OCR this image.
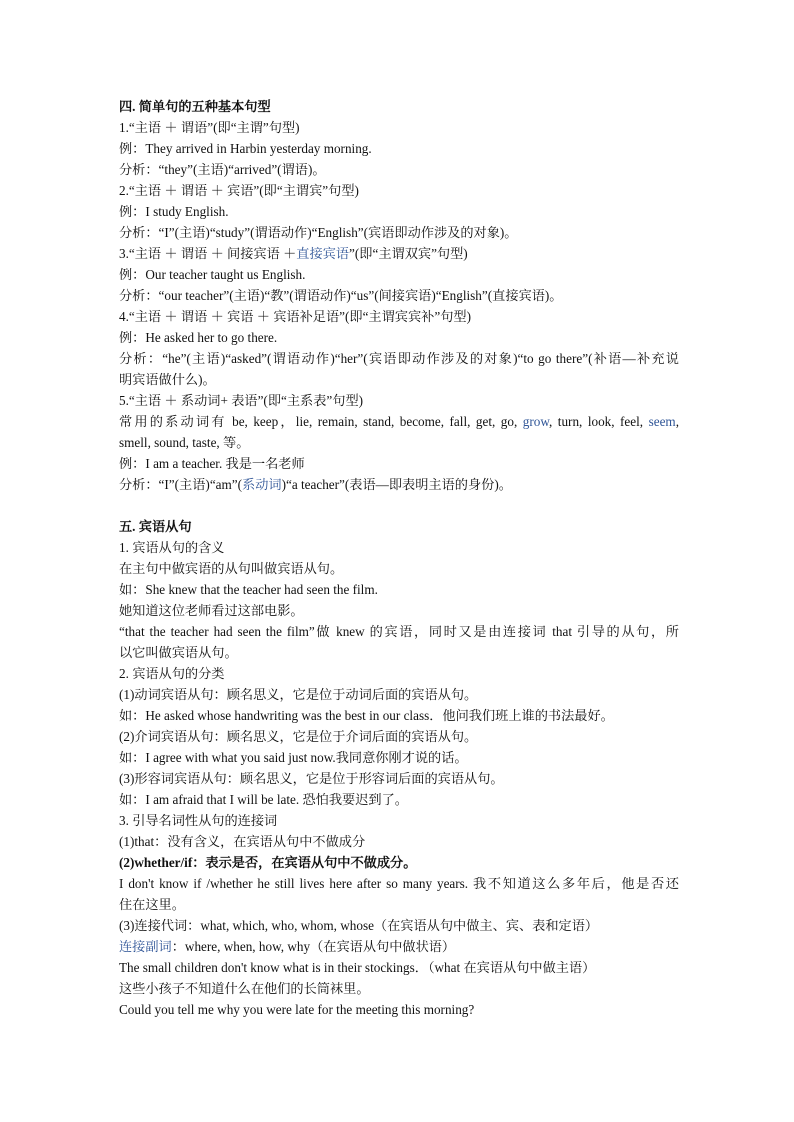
四. 简单句的五种基本句型
1.“主语 ＋ 谓语”(即“主谓”句型)
例：They arrived in Harbin yesterday morning.
分析：“they”(主语)“arrived”(谓语)。
2.“主语 ＋ 谓语 ＋ 宾语”(即“主谓宾”句型)
例：I study English.
分析：“I”(主语)“study”(谓语动作)“English”(宾语即动作涉及的对象)。
3.“主语 ＋ 谓语 ＋ 间接宾语 ＋直接宾语”(即“主谓双宾”句型)
例：Our teacher taught us English.
分析：“our teacher”(主语)“教”(谓语动作)“us”(间接宾语)“English”(直接宾语)。
4.“主语 ＋ 谓语 ＋ 宾语 ＋ 宾语补足语”(即“主谓宾宾补”句型)
例：He asked her to go there.
分析：“he”(主语)“asked”(谓语动作)“her”(宾语即动作涉及的对象)“to go there”(补语—补充说
明宾语做什么)。
5.“主语 ＋ 系动词+ 表语”(即“主系表”句型)
常用的系动词有 be, keep，lie, remain, stand, become, fall, get, go, grow, turn, look, feel, seem,
smell, sound, taste, 等。
例：I am a teacher. 我是一名老师
分析：“I”(主语)“am”(系动词)“a teacher”(表语—即表明主语的身份)。
五. 宾语从句
1. 宾语从句的含义
在主句中做宾语的从句叫做宾语从句。
如：She knew that the teacher had seen the film.
她知道这位老师看过这部电影。
“that the teacher had seen the film”做 knew 的宾语，同时又是由连接词 that 引导的从句，所
以它叫做宾语从句。
2. 宾语从句的分类
(1)动词宾语从句：顾名思义，它是位于动词后面的宾语从句。
如：He asked whose handwriting was the best in our class．他问我们班上谁的书法最好。
(2)介词宾语从句：顾名思义，它是位于介词后面的宾语从句。
如：I agree with what you said just now.我同意你刚才说的话。
(3)形容词宾语从句：顾名思义，它是位于形容词后面的宾语从句。
如：I am afraid that I will be late. 恐怕我要迟到了。
3. 引导名词性从句的连接词
(1)that：没有含义，在宾语从句中不做成分
(2)whether/if：表示是否，在宾语从句中不做成分。
I don't know if /whether he still lives here after so many years. 我不知道这么多年后，他是否还
住在这里。
(3)连接代词：what, which, who, whom, whose（在宾语从句中做主、宾、表和定语）
连接副词：where, when, how, why（在宾语从句中做状语）
The small children don't know what is in their stockings．（what 在宾语从句中做主语）
这些小孩子不知道什么在他们的长筒袜里。
Could you tell me why you were late for the meeting this morning?
